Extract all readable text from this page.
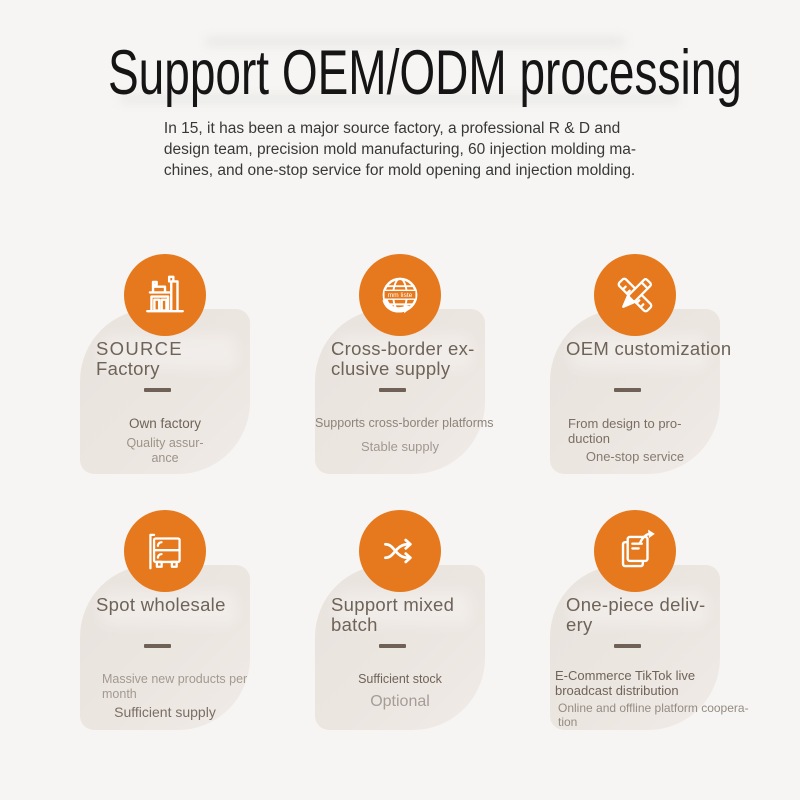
Support OEM/ODM processing
In 15, it has been a major source factory, a professional R & D and
design team, precision mold manufacturing, 60 injection molding ma-
chines, and one-stop service for mold opening and injection molding.
SOURCE
Factory
Own factory
Quality assur-
ance
mm liste
Cross-border ex-
clusive supply
Supports cross-border platforms
Stable supply
OEM customization
From design to pro-
duction
One-stop service
Spot wholesale
Massive new products per
month
Sufficient supply
Support mixed
batch
Sufficient stock
Optional
One-piece deliv-
ery
E-Commerce TikTok live
broadcast distribution
Online and offline platform coopera-
tion
